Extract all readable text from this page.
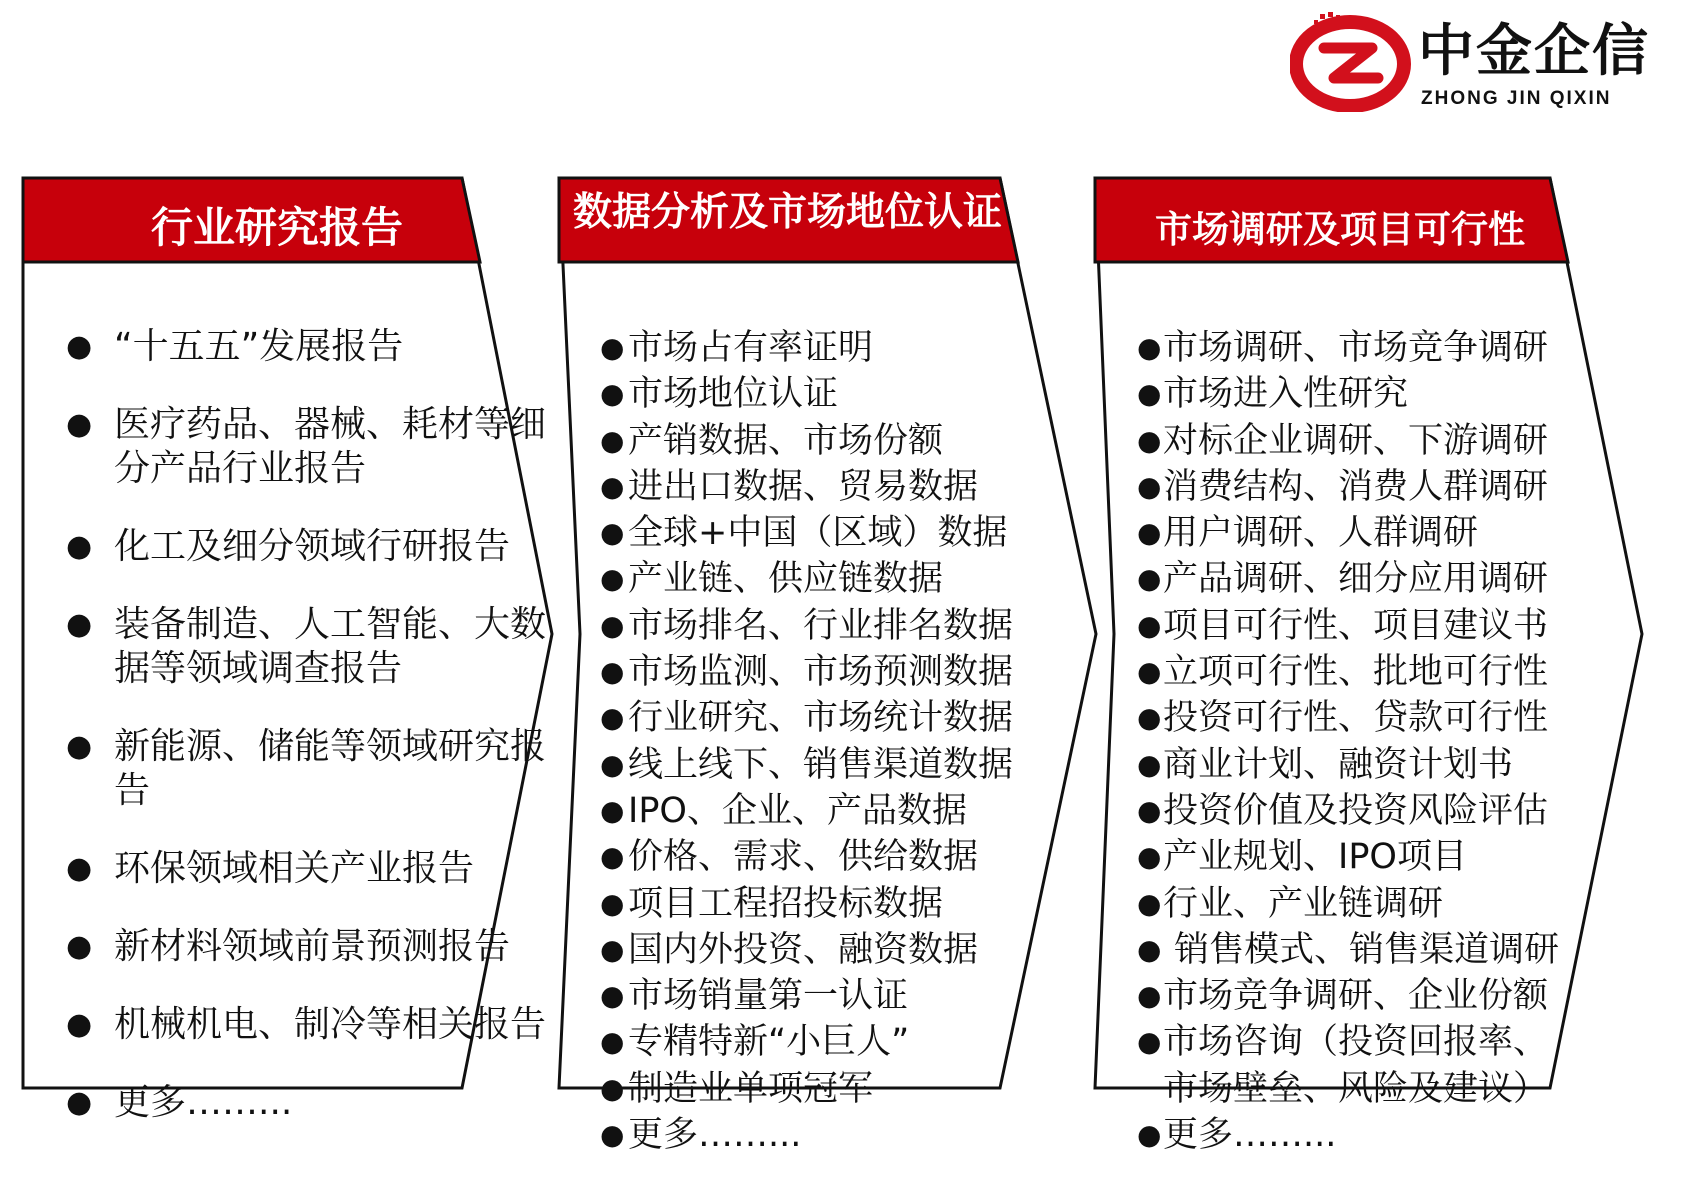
中金企信
ZHONG JIN QIXIN
行业研究报告
● “十五五”发展报告
● 医疗药品、器械、耗材等细分产品行业报告
● 化工及细分领域行研报告
● 装备制造、人工智能、大数据等领域调查报告
● 新能源、储能等领域研究报告
● 环保领域相关产业报告
● 新材料领域前景预测报告
● 机械机电、制冷等相关报告
● 更多……...
数据分析及市场地位认证
● 市场占有率证明
● 市场地位认证
● 产销数据、市场份额
● 进出口数据、贸易数据
● 全球+中国（区域）数据
● 产业链、供应链数据
● 市场排名、行业排名数据
● 市场监测、市场预测数据
● 行业研究、市场统计数据
● 线上线下、销售渠道数据
● IPO、企业、产品数据
● 价格、需求、供给数据
● 项目工程招投标数据
● 国内外投资、融资数据
● 市场销量第一认证
● 专精特新“小巨人”
● 制造业单项冠军
● 更多……...
市场调研及项目可行性
● 市场调研、市场竞争调研
● 市场进入性研究
● 对标企业调研、下游调研
● 消费结构、消费人群调研
● 用户调研、人群调研
● 产品调研、细分应用调研
● 项目可行性、项目建议书
● 立项可行性、批地可行性
● 投资可行性、贷款可行性
● 商业计划、融资计划书
● 投资价值及投资风险评估
● 产业规划、IPO项目
● 行业、产业链调研
● 销售模式、销售渠道调研
● 市场竞争调研、企业份额
● 市场咨询（投资回报率、
市场壁垒、风险及建议）
● 更多……...
